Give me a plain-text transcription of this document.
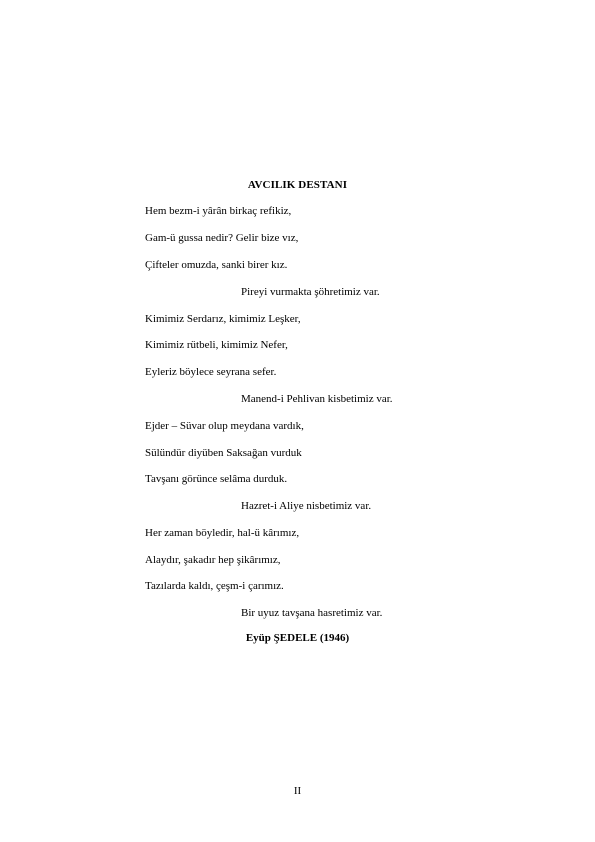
AVCILIK DESTANI
Hem bezm-i yârân birkaç refikiz,
Gam-ü gussa nedir? Gelir bize vız,
Çifteler omuzda, sanki birer kız.
Pireyi vurmakta şöhretimiz var.
Kimimiz Serdarız, kimimiz Leşker,
Kimimiz rütbeli, kimimiz Nefer,
Eyleriz böylece seyrana sefer.
Manend-i Pehlivan kisbetimiz var.
Ejder – Süvar olup meydana vardık,
Sülündür diyüben Saksağan vurduk
Tavşanı görünce selâma durduk.
Hazret-i Aliye nisbetimiz var.
Her zaman böyledir, hal-ü kârımız,
Alaydır, şakadır hep şikârımız,
Tazılarda kaldı, çeşm-i çarımız.
Bir uyuz tavşana hasretimiz var.
Eyüp ŞEDELE (1946)
II
